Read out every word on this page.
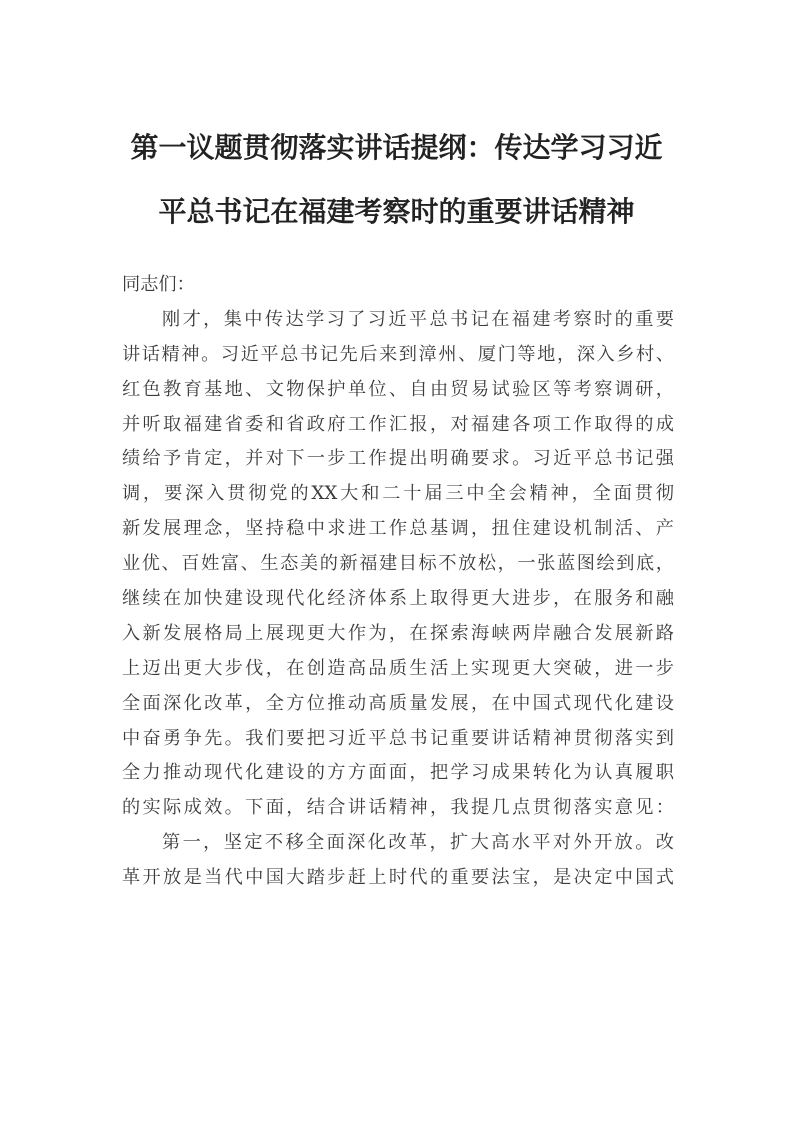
第一议题贯彻落实讲话提纲：传达学习习近
平总书记在福建考察时的重要讲话精神
同志们：
刚才，集中传达学习了习近平总书记在福建考察时的重要
讲话精神。习近平总书记先后来到漳州、厦门等地，深入乡村、
红色教育基地、文物保护单位、自由贸易试验区等考察调研，
并听取福建省委和省政府工作汇报，对福建各项工作取得的成
绩给予肯定，并对下一步工作提出明确要求。习近平总书记强
调，要深入贯彻党的XX大和二十届三中全会精神，全面贯彻
新发展理念，坚持稳中求进工作总基调，扭住建设机制活、产
业优、百姓富、生态美的新福建目标不放松，一张蓝图绘到底，
继续在加快建设现代化经济体系上取得更大进步，在服务和融
入新发展格局上展现更大作为，在探索海峡两岸融合发展新路
上迈出更大步伐，在创造高品质生活上实现更大突破，进一步
全面深化改革，全方位推动高质量发展，在中国式现代化建设
中奋勇争先。我们要把习近平总书记重要讲话精神贯彻落实到
全力推动现代化建设的方方面面，把学习成果转化为认真履职
的实际成效。下面，结合讲话精神，我提几点贯彻落实意见：
第一，坚定不移全面深化改革，扩大高水平对外开放。改
革开放是当代中国大踏步赶上时代的重要法宝，是决定中国式
